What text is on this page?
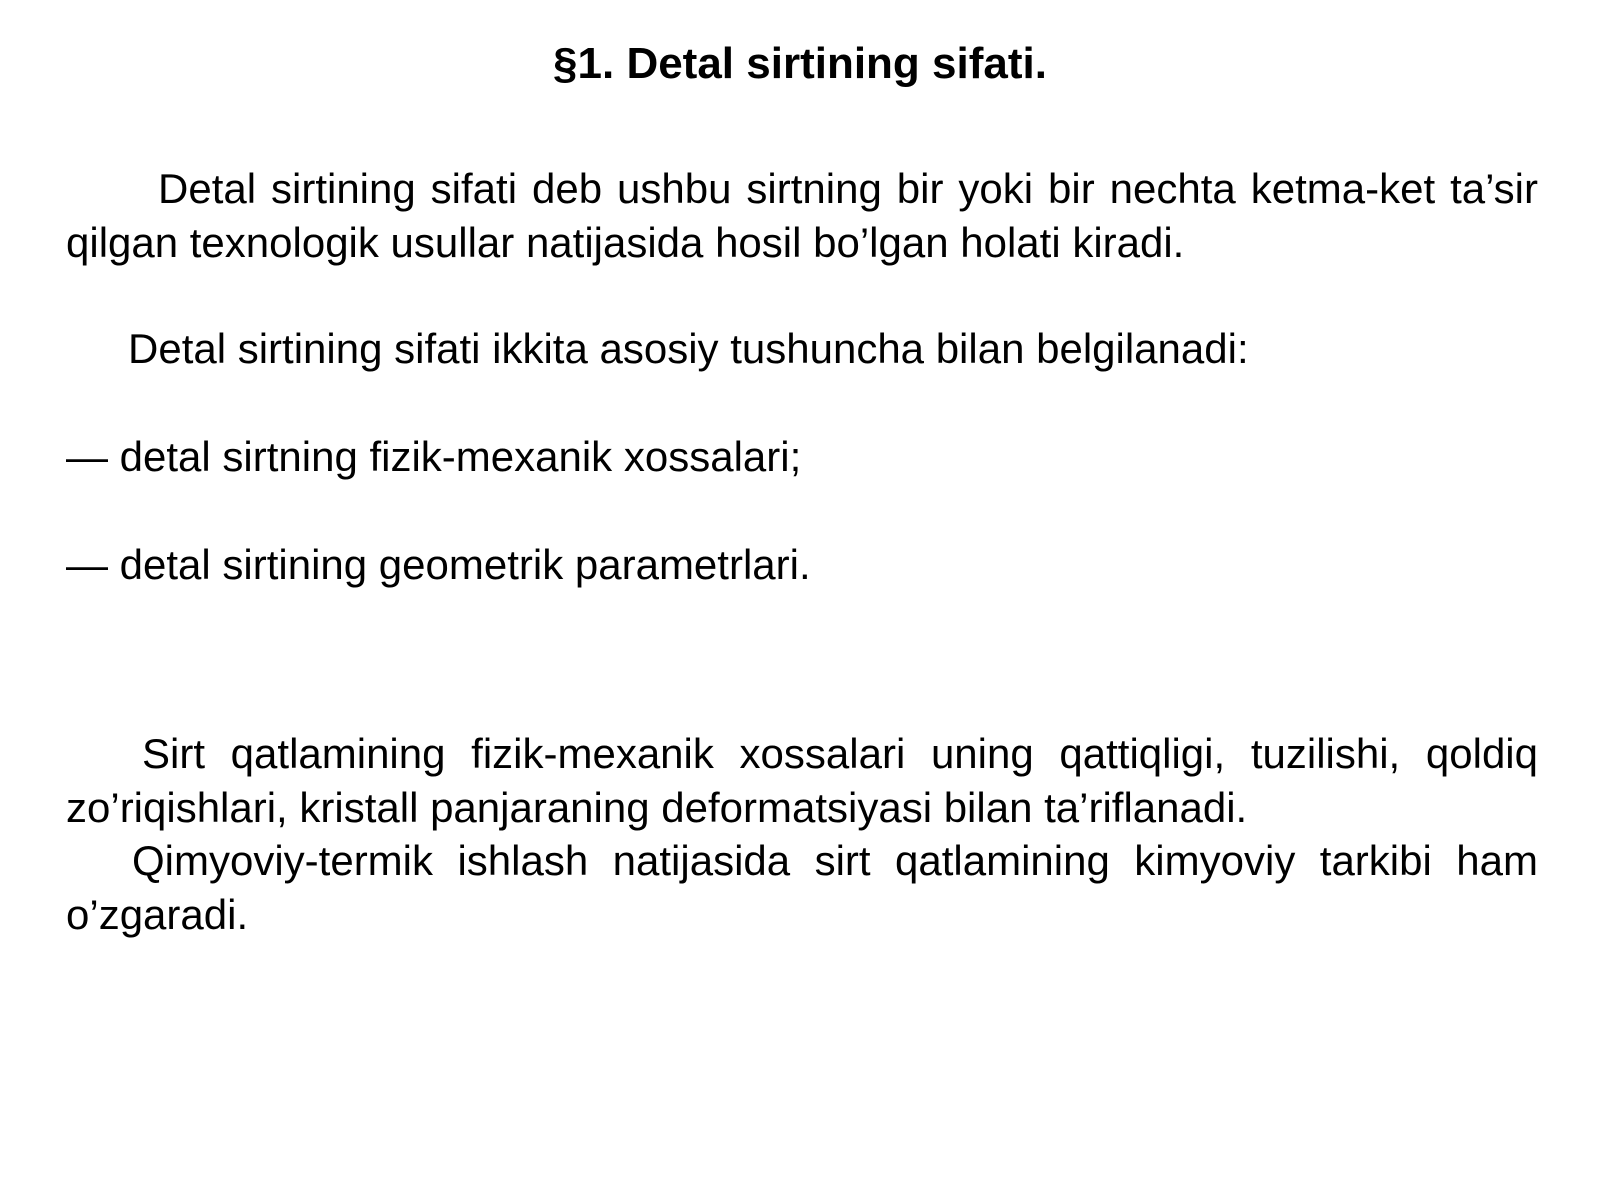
§1. Detal sirtining sifati.

Detal sirtining sifati deb ushbu sirtning bir yoki bir nechta ketma-ket ta’sir qilgan texnologik usullar natijasida hosil bo’lgan holati kiradi.

Detal sirtining sifati ikkita asosiy tushuncha bilan belgilanadi:

— detal sirtning fizik-mexanik xossalari;

— detal sirtining geometrik parametrlari.

Sirt qatlamining fizik-mexanik xossalari uning qattiqligi, tuzilishi, qoldiq zo’riqishlari, kristall panjaraning deformatsiyasi bilan ta’riflanadi.

Qimyoviy-termik ishlash natijasida sirt qatlamining kimyoviy tarkibi ham o’zgaradi.
